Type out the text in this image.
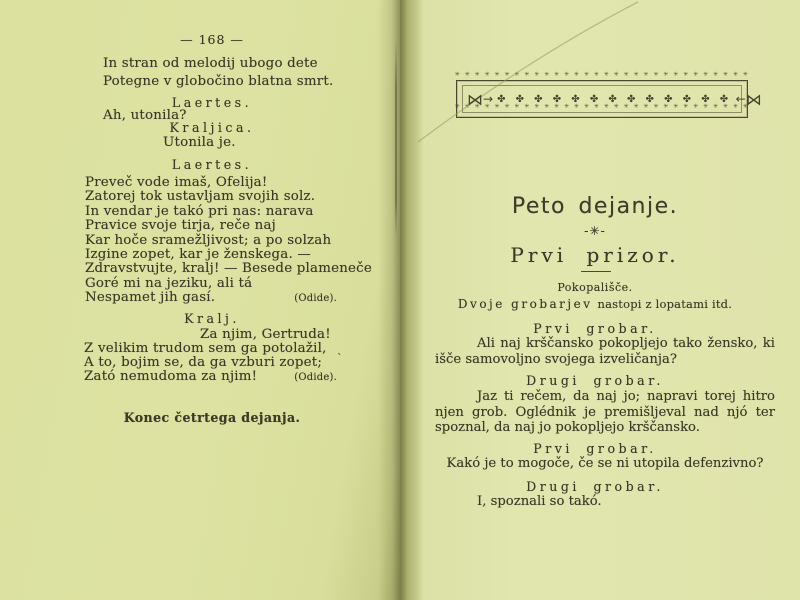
— 168 —
In stran od melodij ubogo dete
Potegne v globočino blatna smrt.
Laertes.
Ah, utonila?
Kraljica.
Utonila je.
Laertes.
Preveč vode imaš, Ofelija!
Zatorej tok ustavljam svojih solz.
In vendar je takó pri nas: narava
Pravice svoje tirja, reče naj
Kar hoče sramežljivost; a po solzah
Izgine zopet, kar je ženskega. —
Zdravstvujte, kralj! — Besede plameneče
Goré mi na jeziku, ali tá
Nespamet jih gasí.	(Odide).
Kralj.
Za njim, Gertruda!
Z velikim trudom sem ga potolažil,
A to, bojim se, da ga vzburi zopet;
Zató nemudoma za njim!	(Odide).
`
Konec četrtega dejanja.
✳ ✳ ✳ ✳ ✳ ✳ ✳ ✳ ✳ ✳ ✳ ✳ ✳ ✳ ✳ ✳ ✳ ✳ ✳ ✳ ✳ ✳ ✳ ✳ ✳ ✳ ✳ ✳ ✳ ✳
⋈ → ✤ ✤ ✤ ✤ ✤ ✤ ✤ ✤ ✤ ✤ ✤ ✤ ✤ ← ⋈
✳ ✳ ✳ ✳ ✳ ✳ ✳ ✳ ✳ ✳ ✳ ✳ ✳ ✳ ✳ ✳ ✳ ✳ ✳ ✳ ✳ ✳ ✳ ✳ ✳ ✳ ✳ ✳ ✳ ✳
Peto dejanje.
-✳-
Prvi prizor.
Pokopališče.
Dvoje grobarjev nastopi z lopatami itd.
Prvi grobar.
Ali naj krščansko pokopljejo tako žensko, ki išče samovoljno svojega izveličanja?
Drugi grobar.
Jaz ti rečem, da naj jo; napravi torej hitro njen grob. Oglédnik je premišljeval nad njó ter spoznal, da naj jo pokopljejo krščansko.
Prvi grobar.
Kakó je to mogoče, če se ni utopila defenzivno?
Drugi grobar.
I, spoznali so takó.
